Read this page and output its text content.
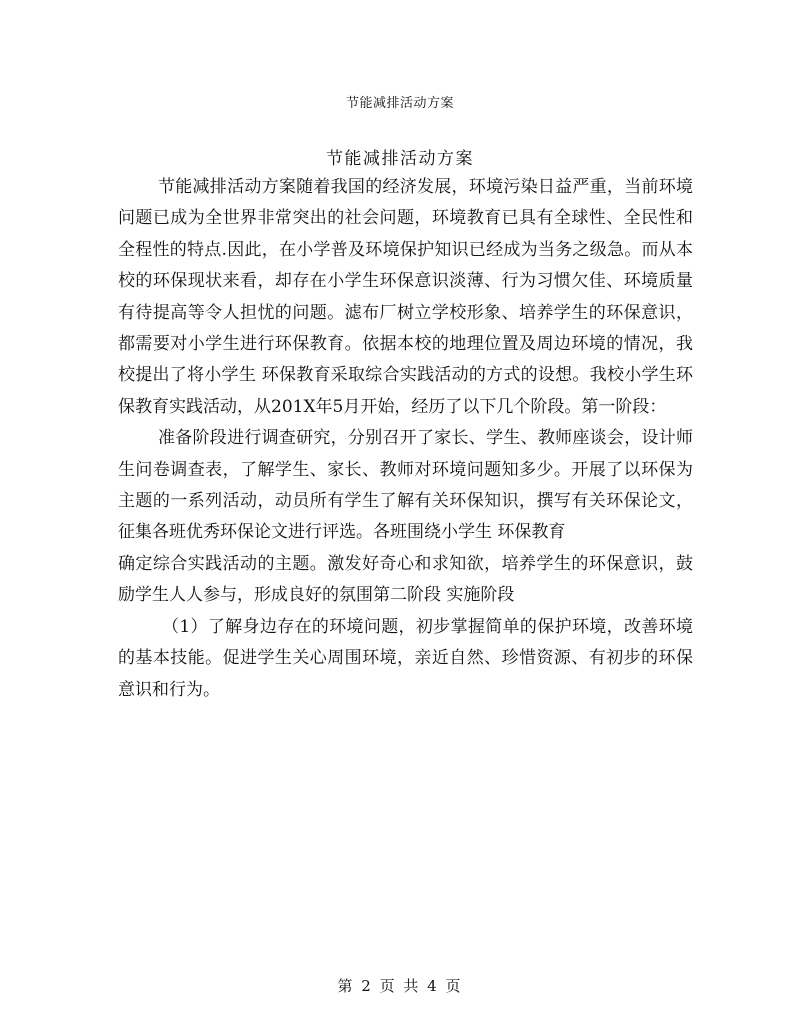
节能减排活动方案
节能减排活动方案

节能减排活动方案随着我国的经济发展，环境污染日益严重，当前环境问题已成为全世界非常突出的社会问题，环境教育已具有全球性、全民性和全程性的特点.因此，在小学普及环境保护知识已经成为当务之级急。而从本校的环保现状来看，却存在小学生环保意识淡薄、行为习惯欠佳、环境质量有待提高等令人担忧的问题。滤布厂树立学校形象、培养学生的环保意识，都需要对小学生进行环保教育。依据本校的地理位置及周边环境的情况，我校提出了将小学生 环保教育采取综合实践活动的方式的设想。我校小学生环保教育实践活动，从201X年5月开始，经历了以下几个阶段。第一阶段：

准备阶段进行调查研究，分别召开了家长、学生、教师座谈会，设计师生问卷调查表，了解学生、家长、教师对环境问题知多少。开展了以环保为主题的一系列活动，动员所有学生了解有关环保知识，撰写有关环保论文，征集各班优秀环保论文进行评选。各班围绕小学生 环保教育

确定综合实践活动的主题。激发好奇心和求知欲，培养学生的环保意识，鼓励学生人人参与，形成良好的氛围第二阶段 实施阶段

（1）了解身边存在的环境问题，初步掌握简单的保护环境，改善环境的基本技能。促进学生关心周围环境，亲近自然、珍惜资源、有初步的环保意识和行为。

第 2 页 共 4 页
